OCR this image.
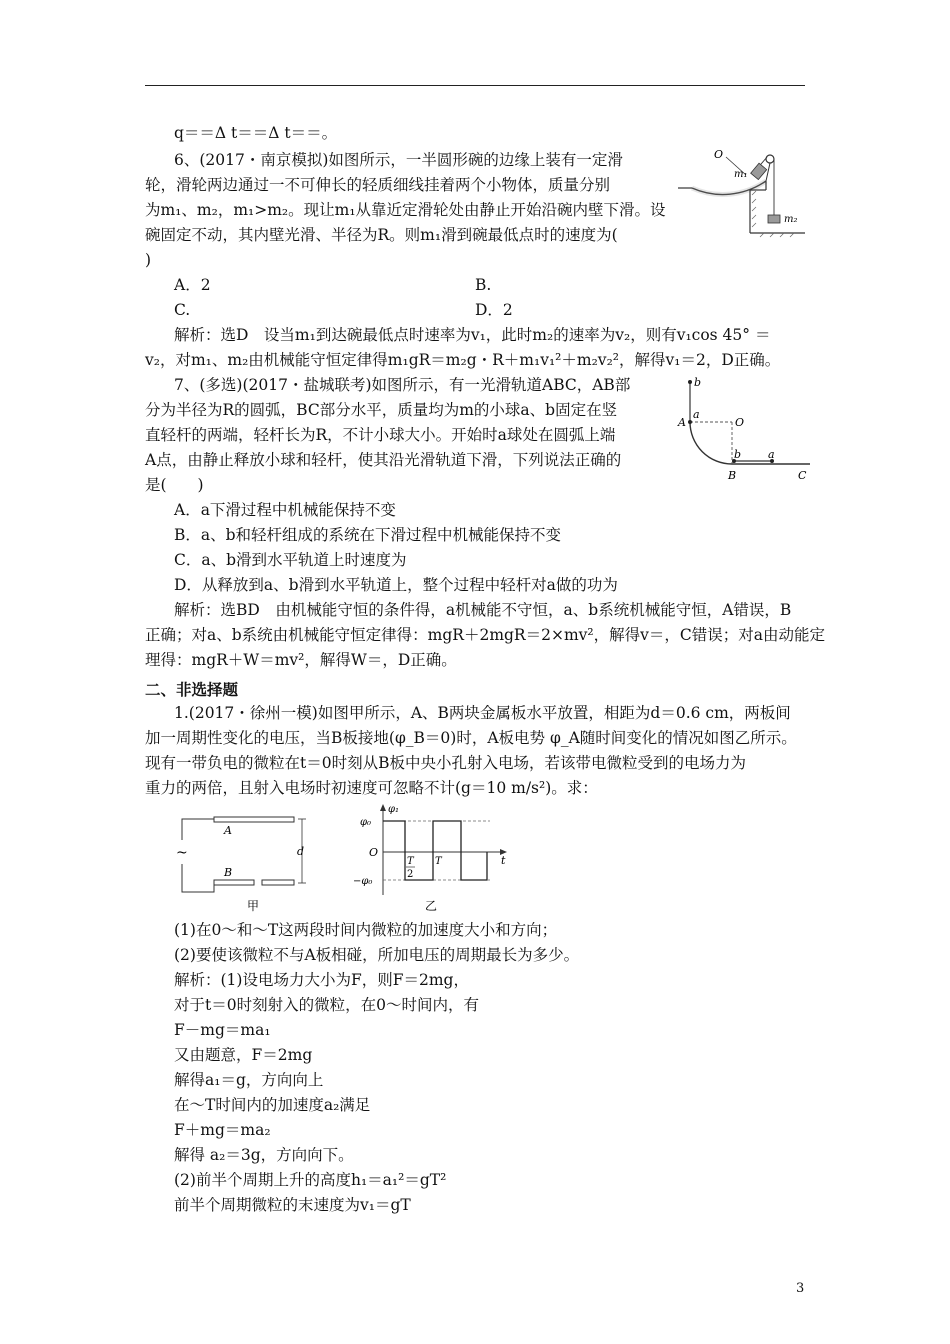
q＝＝Δ t＝＝Δ t＝＝。
6、(2017・南京模拟)如图所示，一半圆形碗的边缘上装有一定滑
轮，滑轮两边通过一不可伸长的轻质细线挂着两个小物体，质量分别
为m₁、m₂，m₁>m₂。现让m₁从靠近定滑轮处由静止开始沿碗内壁下滑。设
碗固定不动，其内壁光滑、半径为R。则m₁滑到碗最低点时的速度为(
)
A．2	B.
C.	D．2
解析：选D　设当m₁到达碗最低点时速率为v₁，此时m₂的速率为v₂，则有v₁cos 45° ＝
v₂，对m₁、m₂由机械能守恒定律得m₁gR＝m₂g・R＋m₁v₁²＋m₂v₂²，解得v₁＝2，D正确。
7、(多选)(2017・盐城联考)如图所示，有一光滑轨道ABC，AB部
分为半径为R的圆弧，BC部分水平，质量均为m的小球a、b固定在竖
直轻杆的两端，轻杆长为R，不计小球大小。开始时a球处在圆弧上端
A点，由静止释放小球和轻杆，使其沿光滑轨道下滑，下列说法正确的
是(　　)
A．a下滑过程中机械能保持不变
B．a、b和轻杆组成的系统在下滑过程中机械能保持不变
C．a、b滑到水平轨道上时速度为
D．从释放到a、b滑到水平轨道上，整个过程中轻杆对a做的功为
解析：选BD　由机械能守恒的条件得，a机械能不守恒，a、b系统机械能守恒，A错误，B
正确；对a、b系统由机械能守恒定律得：mgR＋2mgR＝2×mv²，解得v＝，C错误；对a由动能定
理得：mgR＋W＝mv²，解得W＝，D正确。
二、非选择题
1.(2017・徐州一模)如图甲所示，A、B两块金属板水平放置，相距为d＝0.6 cm，两板间
加一周期性变化的电压，当B板接地(φ_B＝0)时，A板电势 φ_A随时间变化的情况如图乙所示。
现有一带负电的微粒在t＝0时刻从B板中央小孔射入电场，若该带电微粒受到的电场力为
重力的两倍，且射入电场时初速度可忽略不计(g＝10 m/s²)。求：
(1)在0～和～T这两段时间内微粒的加速度大小和方向；
(2)要使该微粒不与A板相碰，所加电压的周期最长为多少。
解析：(1)设电场力大小为F，则F＝2mg，
对于t＝0时刻射入的微粒，在0～时间内，有
F－mg＝ma₁
又由题意，F＝2mg
解得a₁＝g，方向向上
在～T时间内的加速度a₂满足
F＋mg＝ma₂
解得 a₂＝3g，方向向下。
(2)前半个周期上升的高度h₁＝a₁²＝gT²
前半个周期微粒的末速度为v₁＝gT
3
O
m₁
m₂
b
a
A	O
b a
B	C
~
A
B
d
甲
φ₁
φ₀
O
−φ₀
T
2
T	t
乙
